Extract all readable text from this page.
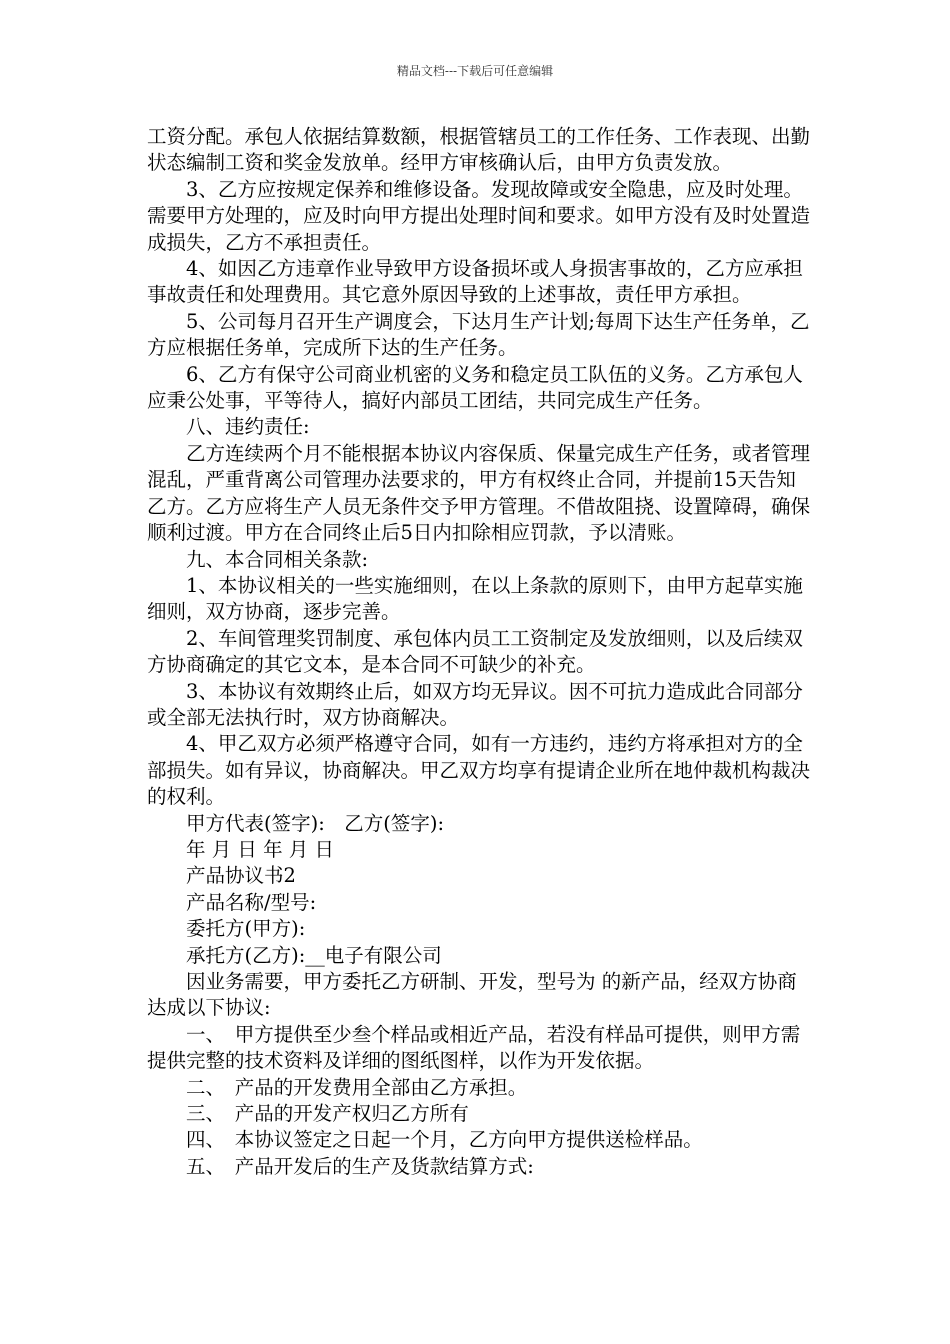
精品文档---下载后可任意编辑

工资分配。承包人依据结算数额，根据管辖员工的工作任务、工作表现、出勤状态编制工资和奖金发放单。经甲方审核确认后，由甲方负责发放。

3、乙方应按规定保养和维修设备。发现故障或安全隐患，应及时处理。需要甲方处理的，应及时向甲方提出处理时间和要求。如甲方没有及时处置造成损失，乙方不承担责任。

4、如因乙方违章作业导致甲方设备损坏或人身损害事故的，乙方应承担事故责任和处理费用。其它意外原因导致的上述事故，责任甲方承担。

5、公司每月召开生产调度会，下达月生产计划;每周下达生产任务单，乙方应根据任务单，完成所下达的生产任务。

6、乙方有保守公司商业机密的义务和稳定员工队伍的义务。乙方承包人应秉公处事，平等待人，搞好内部员工团结，共同完成生产任务。

八、违约责任:

乙方连续两个月不能根据本协议内容保质、保量完成生产任务，或者管理混乱，严重背离公司管理办法要求的，甲方有权终止合同，并提前15天告知乙方。乙方应将生产人员无条件交予甲方管理。不借故阻挠、设置障碍，确保顺利过渡。甲方在合同终止后5日内扣除相应罚款，予以清账。

九、本合同相关条款:

1、本协议相关的一些实施细则，在以上条款的原则下，由甲方起草实施细则，双方协商，逐步完善。

2、车间管理奖罚制度、承包体内员工工资制定及发放细则，以及后续双方协商确定的其它文本，是本合同不可缺少的补充。

3、本协议有效期终止后，如双方均无异议。因不可抗力造成此合同部分或全部无法执行时，双方协商解决。

4、甲乙双方必须严格遵守合同，如有一方违约，违约方将承担对方的全部损失。如有异议，协商解决。甲乙双方均享有提请企业所在地仲裁机构裁决的权利。

甲方代表(签字):　乙方(签字):

年 月 日 年 月 日

产品协议书2

产品名称/型号:

委托方(甲方):

承托方(乙方):__电子有限公司

因业务需要，甲方委托乙方研制、开发，型号为 的新产品，经双方协商达成以下协议:

一、　甲方提供至少叁个样品或相近产品，若没有样品可提供，则甲方需提供完整的技术资料及详细的图纸图样，以作为开发依据。

二、　产品的开发费用全部由乙方承担。

三、　产品的开发产权归乙方所有

四、　本协议签定之日起一个月，乙方向甲方提供送检样品。

五、　产品开发后的生产及货款结算方式:
